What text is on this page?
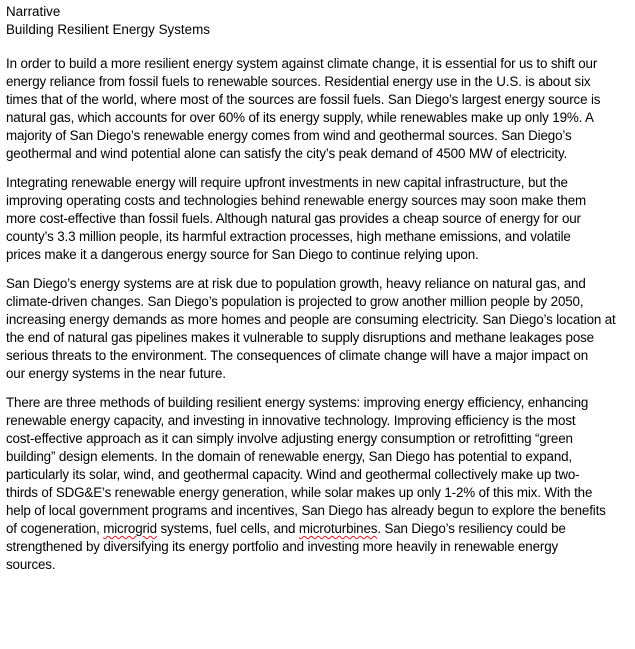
Narrative
Building Resilient Energy Systems

In order to build a more resilient energy system against climate change, it is essential for us to shift our
energy reliance from fossil fuels to renewable sources. Residential energy use in the U.S. is about six
times that of the world, where most of the sources are fossil fuels. San Diego’s largest energy source is
natural gas, which accounts for over 60% of its energy supply, while renewables make up only 19%. A
majority of San Diego’s renewable energy comes from wind and geothermal sources. San Diego’s
geothermal and wind potential alone can satisfy the city’s peak demand of 4500 MW of electricity.

Integrating renewable energy will require upfront investments in new capital infrastructure, but the
improving operating costs and technologies behind renewable energy sources may soon make them
more cost-effective than fossil fuels. Although natural gas provides a cheap source of energy for our
county’s 3.3 million people, its harmful extraction processes, high methane emissions, and volatile
prices make it a dangerous energy source for San Diego to continue relying upon.

San Diego’s energy systems are at risk due to population growth, heavy reliance on natural gas, and
climate-driven changes. San Diego’s population is projected to grow another million people by 2050,
increasing energy demands as more homes and people are consuming electricity. San Diego’s location at
the end of natural gas pipelines makes it vulnerable to supply disruptions and methane leakages pose
serious threats to the environment. The consequences of climate change will have a major impact on
our energy systems in the near future.

There are three methods of building resilient energy systems: improving energy efficiency, enhancing
renewable energy capacity, and investing in innovative technology. Improving efficiency is the most
cost-effective approach as it can simply involve adjusting energy consumption or retrofitting “green
building” design elements. In the domain of renewable energy, San Diego has potential to expand,
particularly its solar, wind, and geothermal capacity. Wind and geothermal collectively make up two-
thirds of SDG&E’s renewable energy generation, while solar makes up only 1-2% of this mix. With the
help of local government programs and incentives, San Diego has already begun to explore the benefits
of cogeneration, microgrid systems, fuel cells, and microturbines. San Diego’s resiliency could be
strengthened by diversifying its energy portfolio and investing more heavily in renewable energy
sources.
